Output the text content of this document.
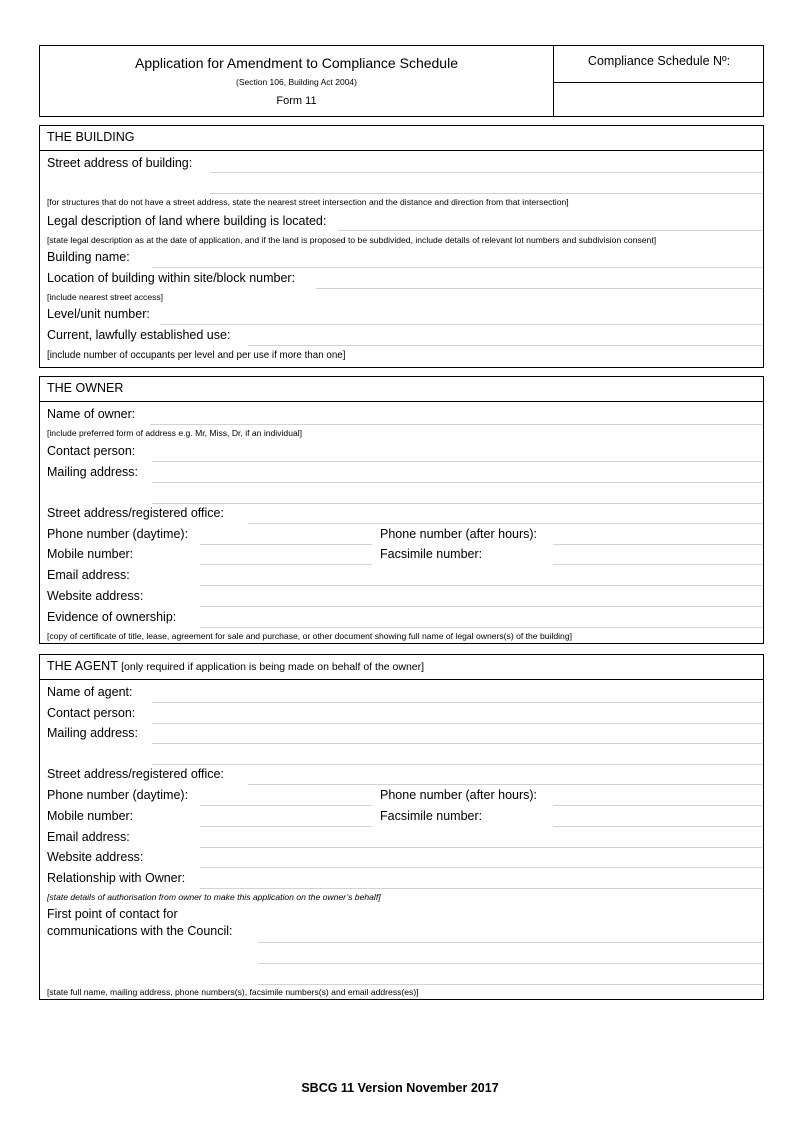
Application for Amendment to Compliance Schedule
(Section 106, Building Act 2004)
Form 11
Compliance Schedule Nº:
THE BUILDING
Street address of building:
[for structures that do not have a street address, state the nearest street intersection and the distance and direction from that intersection]
Legal description of land where building is located:
[state legal description as at the date of application, and if the land is proposed to be subdivided, include details of relevant lot numbers and subdivision consent]
Building name:
Location of building within site/block number:
[include nearest street access]
Level/unit number:
Current, lawfully established use:
[include number of occupants per level and per use if more than one]
THE OWNER
Name of owner:
[include preferred form of address e.g. Mr, Miss, Dr, if an individual]
Contact person:
Mailing address:
Street address/registered office:
Phone number (daytime):	Phone number (after hours):
Mobile number:	Facsimile number:
Email address:
Website address:
Evidence of ownership:
[copy of certificate of title, lease, agreement for sale and purchase, or other document showing full name of legal owners(s) of the building]
THE AGENT [only required if application is being made on behalf of the owner]
Name of agent:
Contact person:
Mailing address:
Street address/registered office:
Phone number (daytime):	Phone number (after hours):
Mobile number:	Facsimile number:
Email address:
Website address:
Relationship with Owner:
[state details of authorisation from owner to make this application on the owner’s behalf]
First point of contact for
communications with the Council:
[state full name, mailing address, phone numbers(s), facsimile numbers(s) and email address(es)]
SBCG 11 Version November 2017
